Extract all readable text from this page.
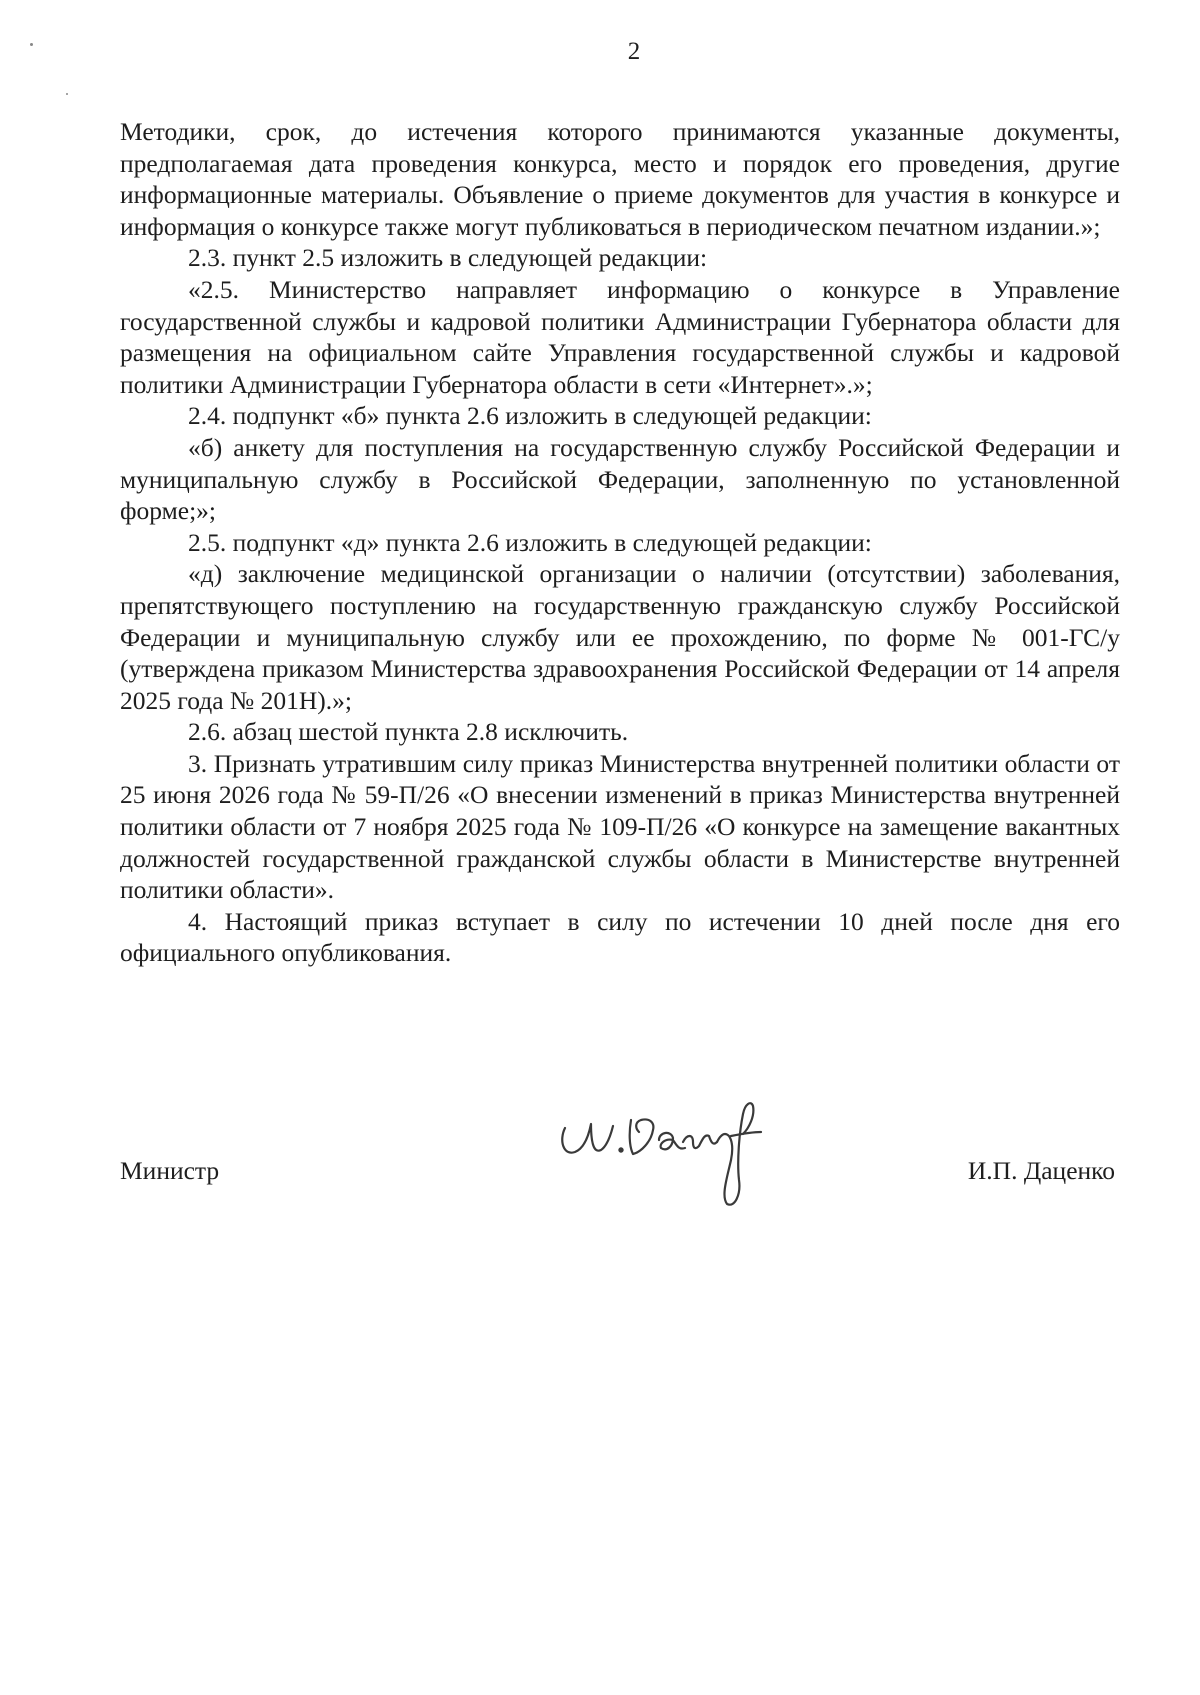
2

Методики, срок, до истечения которого принимаются указанные документы, предполагаемая дата проведения конкурса, место и порядок его проведения, другие информационные материалы. Объявление о приеме документов для участия в конкурсе и информация о конкурсе также могут публиковаться в периодическом печатном издании.»;

2.3. пункт 2.5 изложить в следующей редакции:

«2.5. Министерство направляет информацию о конкурсе в Управление государственной службы и кадровой политики Администрации Губернатора области для размещения на официальном сайте Управления государственной службы и кадровой политики Администрации Губернатора области в сети «Интернет».»;

2.4. подпункт «б» пункта 2.6 изложить в следующей редакции:

«б) анкету для поступления на государственную службу Российской Федерации и муниципальную службу в Российской Федерации, заполненную по установленной форме;»;

2.5. подпункт «д» пункта 2.6 изложить в следующей редакции:

«д) заключение медицинской организации о наличии (отсутствии) заболевания, препятствующего поступлению на государственную гражданскую службу Российской Федерации и муниципальную службу или ее прохождению, по форме № 001-ГС/у (утверждена приказом Министерства здравоохранения Российской Федерации от 14 апреля 2025 года № 201Н).»;

2.6. абзац шестой пункта 2.8 исключить.

3. Признать утратившим силу приказ Министерства внутренней политики области от 25 июня 2026 года № 59-П/26 «О внесении изменений в приказ Министерства внутренней политики области от 7 ноября 2025 года № 109-П/26 «О конкурсе на замещение вакантных должностей государственной гражданской службы области в Министерстве внутренней политики области».

4. Настоящий приказ вступает в силу по истечении 10 дней после дня его официального опубликования.

Министр	И.П. Даценко
